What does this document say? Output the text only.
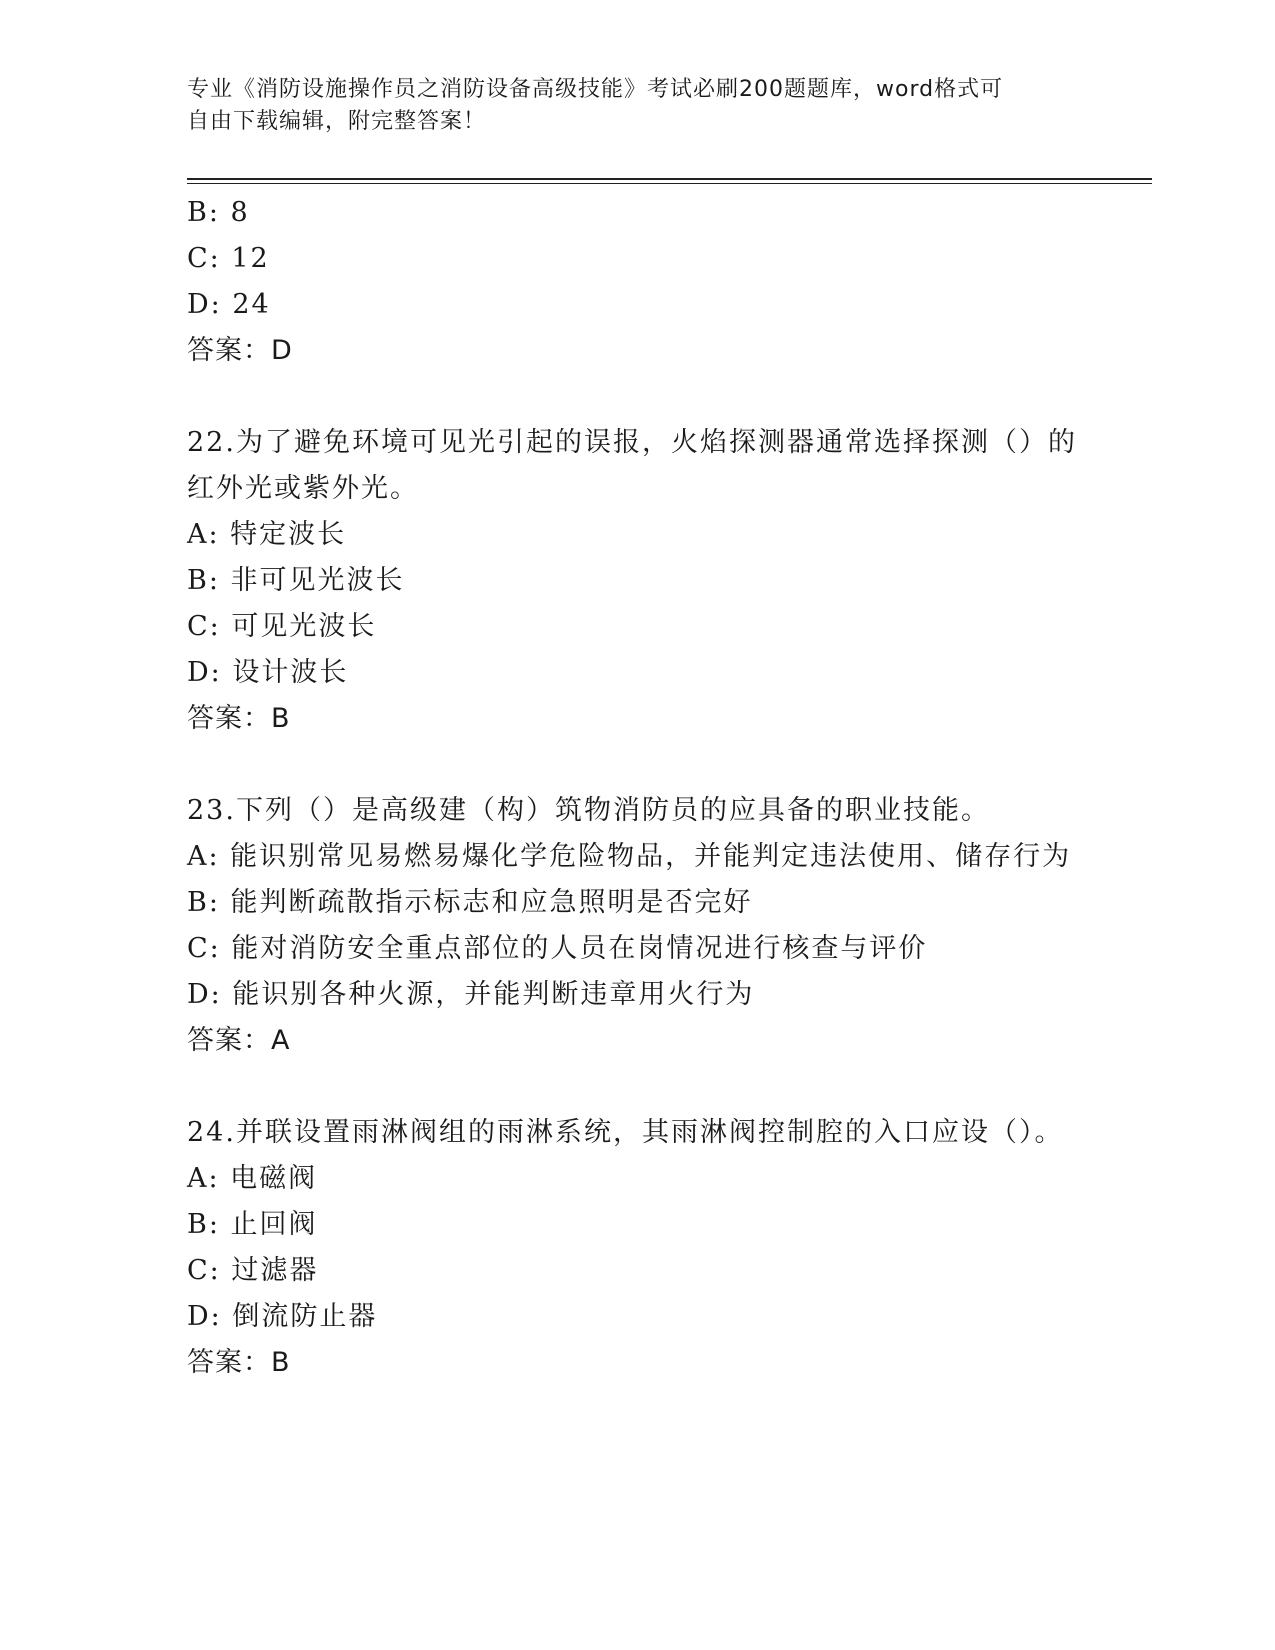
专业《消防设施操作员之消防设备高级技能》考试必刷200题题库，word格式可
自由下载编辑，附完整答案！
B: 8
C: 12
D: 24
答案：D
22.为了避免环境可见光引起的误报，火焰探测器通常选择探测（）的
红外光或紫外光。
A: 特定波长
B: 非可见光波长
C: 可见光波长
D: 设计波长
答案：B
23.下列（）是高级建（构）筑物消防员的应具备的职业技能。
A: 能识别常见易燃易爆化学危险物品，并能判定违法使用、储存行为
B: 能判断疏散指示标志和应急照明是否完好
C: 能对消防安全重点部位的人员在岗情况进行核查与评价
D: 能识别各种火源，并能判断违章用火行为
答案：A
24.并联设置雨淋阀组的雨淋系统，其雨淋阀控制腔的入口应设（）。
A: 电磁阀
B: 止回阀
C: 过滤器
D: 倒流防止器
答案：B
